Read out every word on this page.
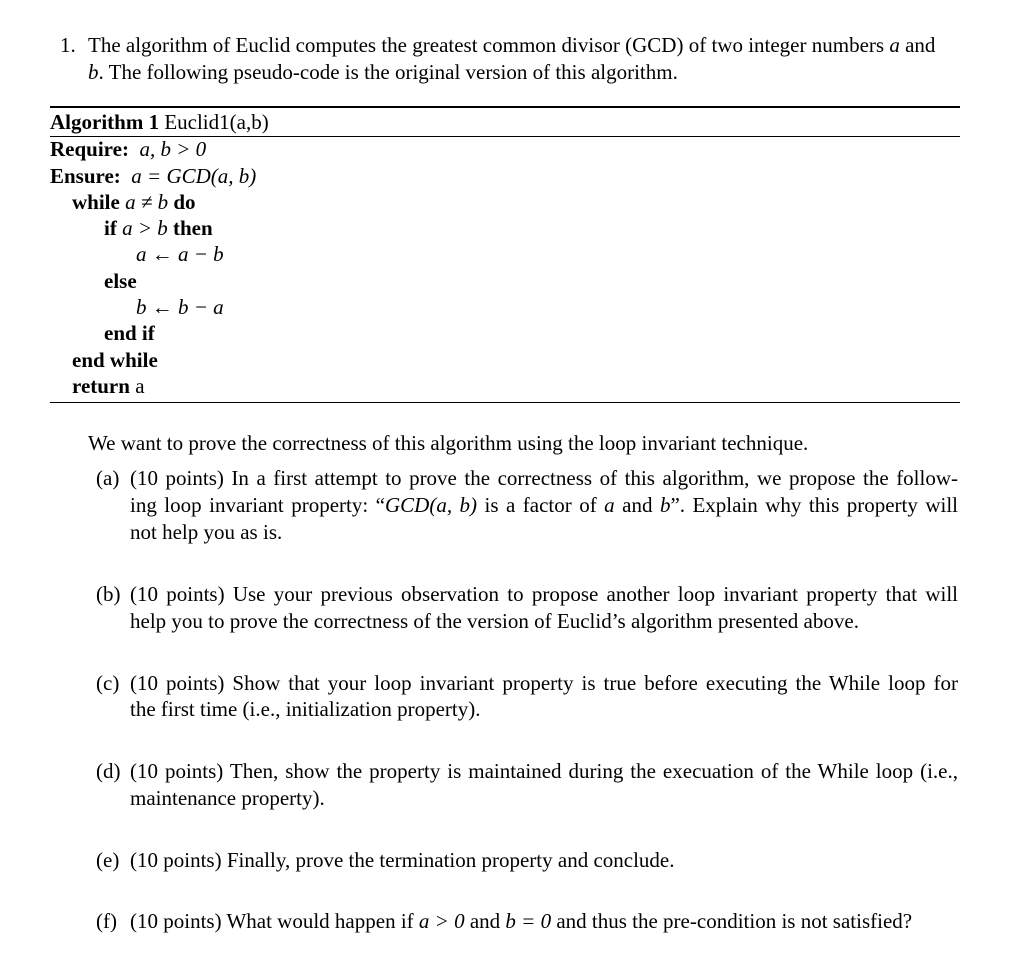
1. The algorithm of Euclid computes the greatest common divisor (GCD) of two integer numbers a and
b. The following pseudo-code is the original version of this algorithm.
Algorithm 1 Euclid1(a,b)
Require: a, b > 0
Ensure: a = GCD(a, b)
while a ≠ b do
if a > b then
a ← a − b
else
b ← b − a
end if
end while
return a
We want to prove the correctness of this algorithm using the loop invariant technique.
(a) (10 points) In a first attempt to prove the correctness of this algorithm, we propose the follow-
ing loop invariant property: “GCD(a, b) is a factor of a and b”. Explain why this property will
not help you as is.
(b) (10 points) Use your previous observation to propose another loop invariant property that will
help you to prove the correctness of the version of Euclid’s algorithm presented above.
(c) (10 points) Show that your loop invariant property is true before executing the While loop for
the first time (i.e., initialization property).
(d) (10 points) Then, show the property is maintained during the execuation of the While loop (i.e.,
maintenance property).
(e) (10 points) Finally, prove the termination property and conclude.
(f) (10 points) What would happen if a > 0 and b = 0 and thus the pre-condition is not satisfied?
